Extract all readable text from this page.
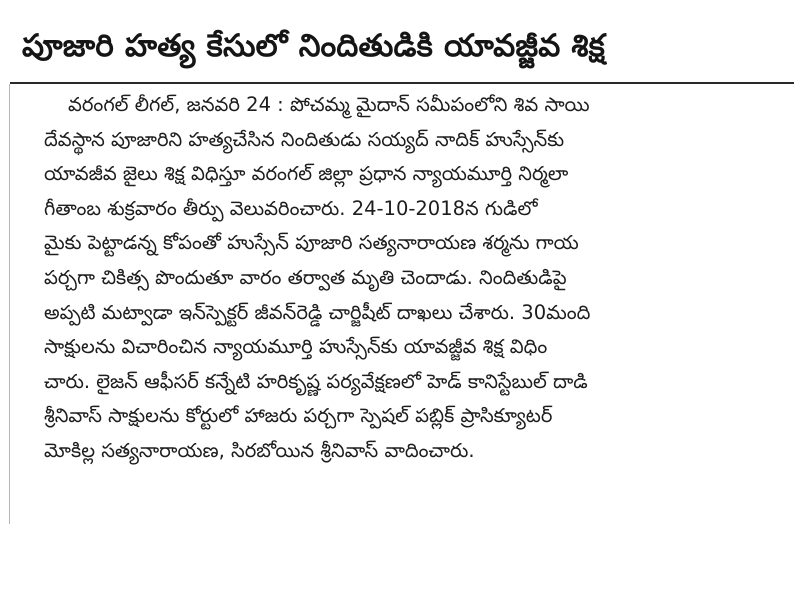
పూజారి హత్య కేసులో నిందితుడికి యావజ్జీవ శిక్ష
వరంగల్ లీగల్, జనవరి 24 : పోచమ్మ మైదాన్ సమీపంలోని శివ సాయి
దేవస్థాన పూజారిని హత్యచేసిన నిందితుడు సయ్యద్ నాదిక్ హుస్సేన్‌కు
యావజీవ జైలు శిక్ష విధిస్తూ వరంగల్ జిల్లా ప్రధాన న్యాయమూర్తి నిర్మలా
గీతాంబ శుక్రవారం తీర్పు వెలువరించారు. 24-10-2018న గుడిలో
మైకు పెట్టాడన్న కోపంతో హుస్సేన్ పూజారి సత్యనారాయణ శర్మను గాయ
పర్చగా చికిత్స పొందుతూ వారం తర్వాత మృతి చెందాడు. నిందితుడిపై
అప్పటి మట్వాడా ఇన్‌స్పెక్టర్ జీవన్‌రెడ్డి చార్జిషీట్ దాఖలు చేశారు. 30మంది
సాక్షులను విచారించిన న్యాయమూర్తి హుస్సేన్‌కు యావజ్జీవ శిక్ష విధిం
చారు. లైజన్ ఆఫీసర్ కన్నేటి హరికృష్ణ పర్యవేక్షణలో హెడ్ కానిస్టేబుల్ దాడి
శ్రీనివాస్ సాక్షులను కోర్టులో హాజరు పర్చగా స్పెషల్ పబ్లిక్ ప్రాసిక్యూటర్
మోకిల్ల సత్యనారాయణ, సిరబోయిన శ్రీనివాస్ వాదించారు.
